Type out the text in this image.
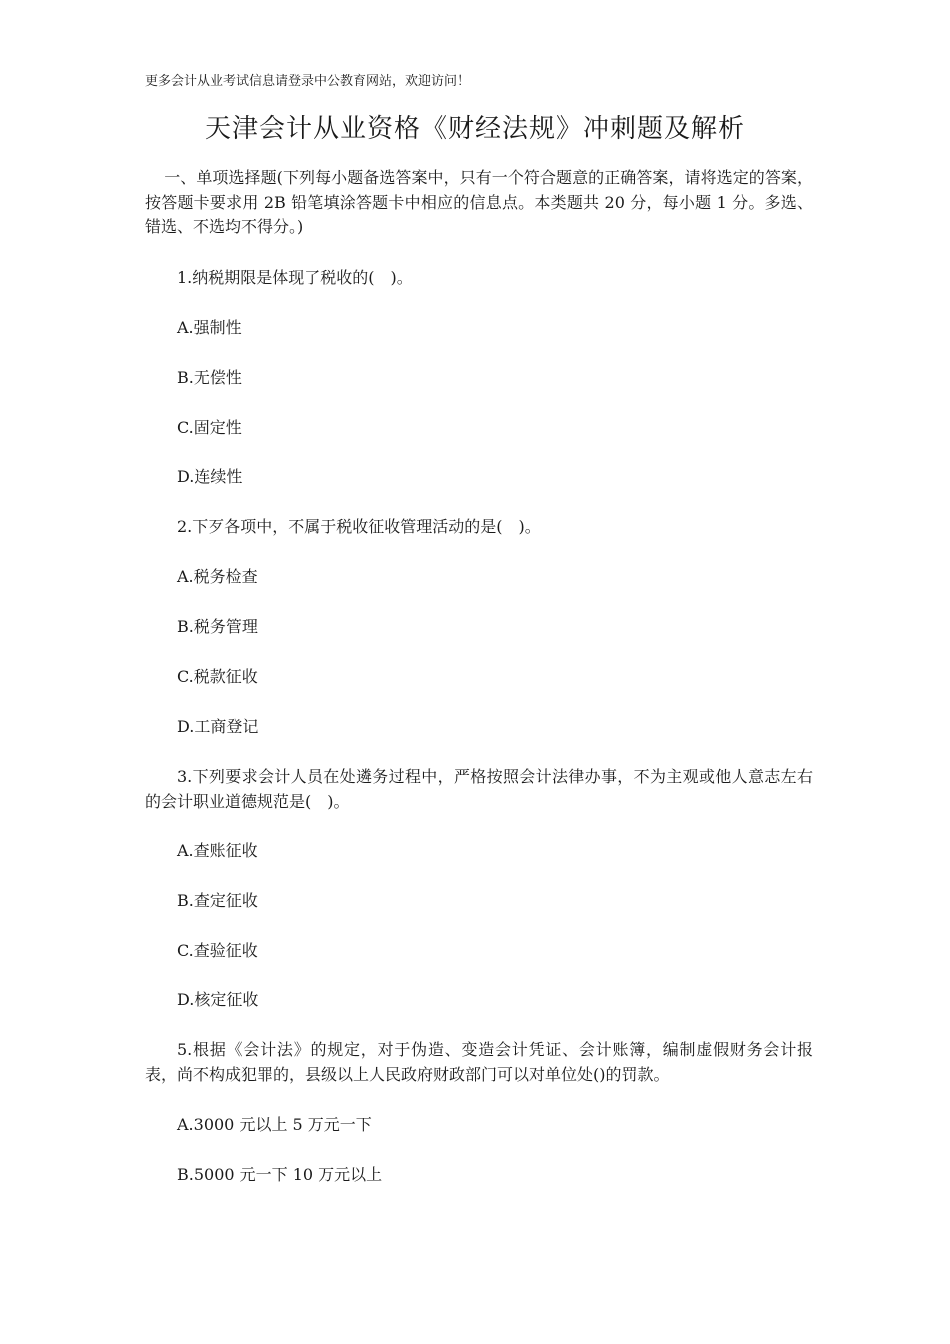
更多会计从业考试信息请登录中公教育网站，欢迎访问！
天津会计从业资格《财经法规》冲刺题及解析
一、单项选择题(下列每小题备选答案中，只有一个符合题意的正确答案，请将选定的答案，按答题卡要求用 2B 铅笔填涂答题卡中相应的信息点。本类题共 20 分，每小题 1 分。多选、错选、不选均不得分。)
1.纳税期限是体现了税收的(　)。
A.强制性
B.无偿性
C.固定性
D.连续性
2.下歹各项中，不属于税收征收管理活动的是(　)。
A.税务检查
B.税务管理
C.税款征收
D.工商登记
3.下列要求会计人员在处遴务过程中，严格按照会计法律办事，不为主观或他人意志左右的会计职业道德规范是(　)。
A.查账征收
B.查定征收
C.查验征收
D.核定征收
5.根据《会计法》的规定，对于伪造、变造会计凭证、会计账簿，编制虚假财务会计报表，尚不构成犯罪的，县级以上人民政府财政部门可以对单位处()的罚款。
A.3000 元以上 5 万元一下
B.5000 元一下 10 万元以上
